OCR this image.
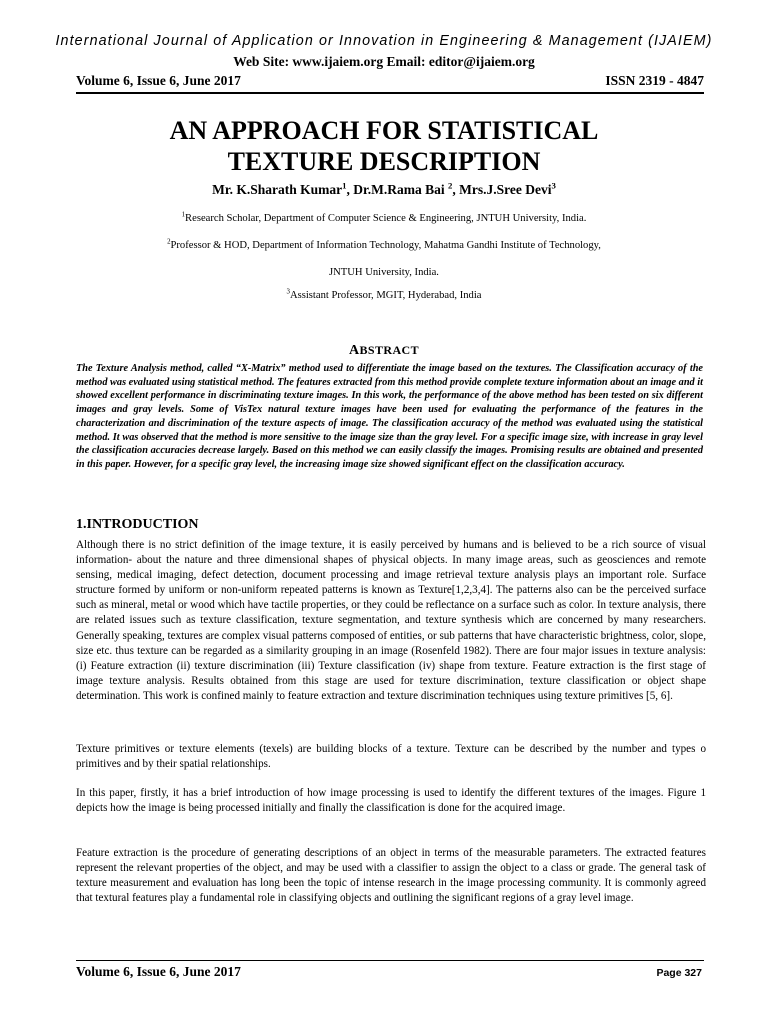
International Journal of Application or Innovation in Engineering & Management (IJAIEM)
Web Site: www.ijaiem.org Email: editor@ijaiem.org
Volume 6, Issue 6, June 2017	ISSN 2319 - 4847
AN APPROACH FOR STATISTICAL
TEXTURE DESCRIPTION
Mr. K.Sharath Kumar$^1$, Dr.M.Rama Bai $^2$, Mrs.J.Sree Devi$^3$
$^1$Research Scholar, Department of Computer Science & Engineering, JNTUH University, India.
$^2$Professor & HOD, Department of Information Technology, Mahatma Gandhi Institute of Technology,
JNTUH University, India.
$^3$Assistant Professor, MGIT, Hyderabad, India
ABSTRACT

The Texture Analysis method, called “X-Matrix” method used to differentiate the image based on the textures. The Classification accuracy of the method was evaluated using statistical method. The features extracted from this method provide complete texture information about an image and it showed excellent performance in discriminating texture images. In this work, the performance of the above method has been tested on six different images and gray levels. Some of VisTex natural texture images have been used for evaluating the performance of the features in the characterization and discrimination of the texture aspects of image. The classification accuracy of the method was evaluated using the statistical method. It was observed that the method is more sensitive to the image size than the gray level. For a specific image size, with increase in gray level the classification accuracies decrease largely. Based on this method we can easily classify the images. Promising results are obtained and presented in this paper. However, for a specific gray level, the increasing image size showed significant effect on the classification accuracy.

1.INTRODUCTION

Although there is no strict definition of the image texture, it is easily perceived by humans and is believed to be a rich source of visual information- about the nature and three dimensional shapes of physical objects. In many image areas, such as geosciences and remote sensing, medical imaging, defect detection, document processing and image retrieval texture analysis plays an important role. Surface structure formed by uniform or non-uniform repeated patterns is known as Texture[1,2,3,4]. The patterns also can be the perceived surface such as mineral, metal or wood which have tactile properties, or they could be reflectance on a surface such as color. In texture analysis, there are related issues such as texture classification, texture segmentation, and texture synthesis which are concerned by many researchers. Generally speaking, textures are complex visual patterns composed of entities, or sub patterns that have characteristic brightness, color, slope, size etc. thus texture can be regarded as a similarity grouping in an image (Rosenfeld 1982). There are four major issues in texture analysis: (i) Feature extraction (ii) texture discrimination (iii) Texture classification (iv) shape from texture. Feature extraction is the first stage of image texture analysis. Results obtained from this stage are used for texture discrimination, texture classification or object shape determination. This work is confined mainly to feature extraction and texture discrimination techniques using texture primitives [5, 6].

Texture primitives or texture elements (texels) are building blocks of a texture. Texture can be described by the number and types o primitives and by their spatial relationships.

In this paper, firstly, it has a brief introduction of how image processing is used to identify the different textures of the images. Figure 1 depicts how the image is being processed initially and finally the classification is done for the acquired image.

Feature extraction is the procedure of generating descriptions of an object in terms of the measurable parameters. The extracted features represent the relevant properties of the object, and may be used with a classifier to assign the object to a class or grade. The general task of texture measurement and evaluation has long been the topic of intense research in the image processing community. It is commonly agreed that textural features play a fundamental role in classifying objects and outlining the significant regions of a gray level image.

Volume 6, Issue 6, June 2017	Page 327
